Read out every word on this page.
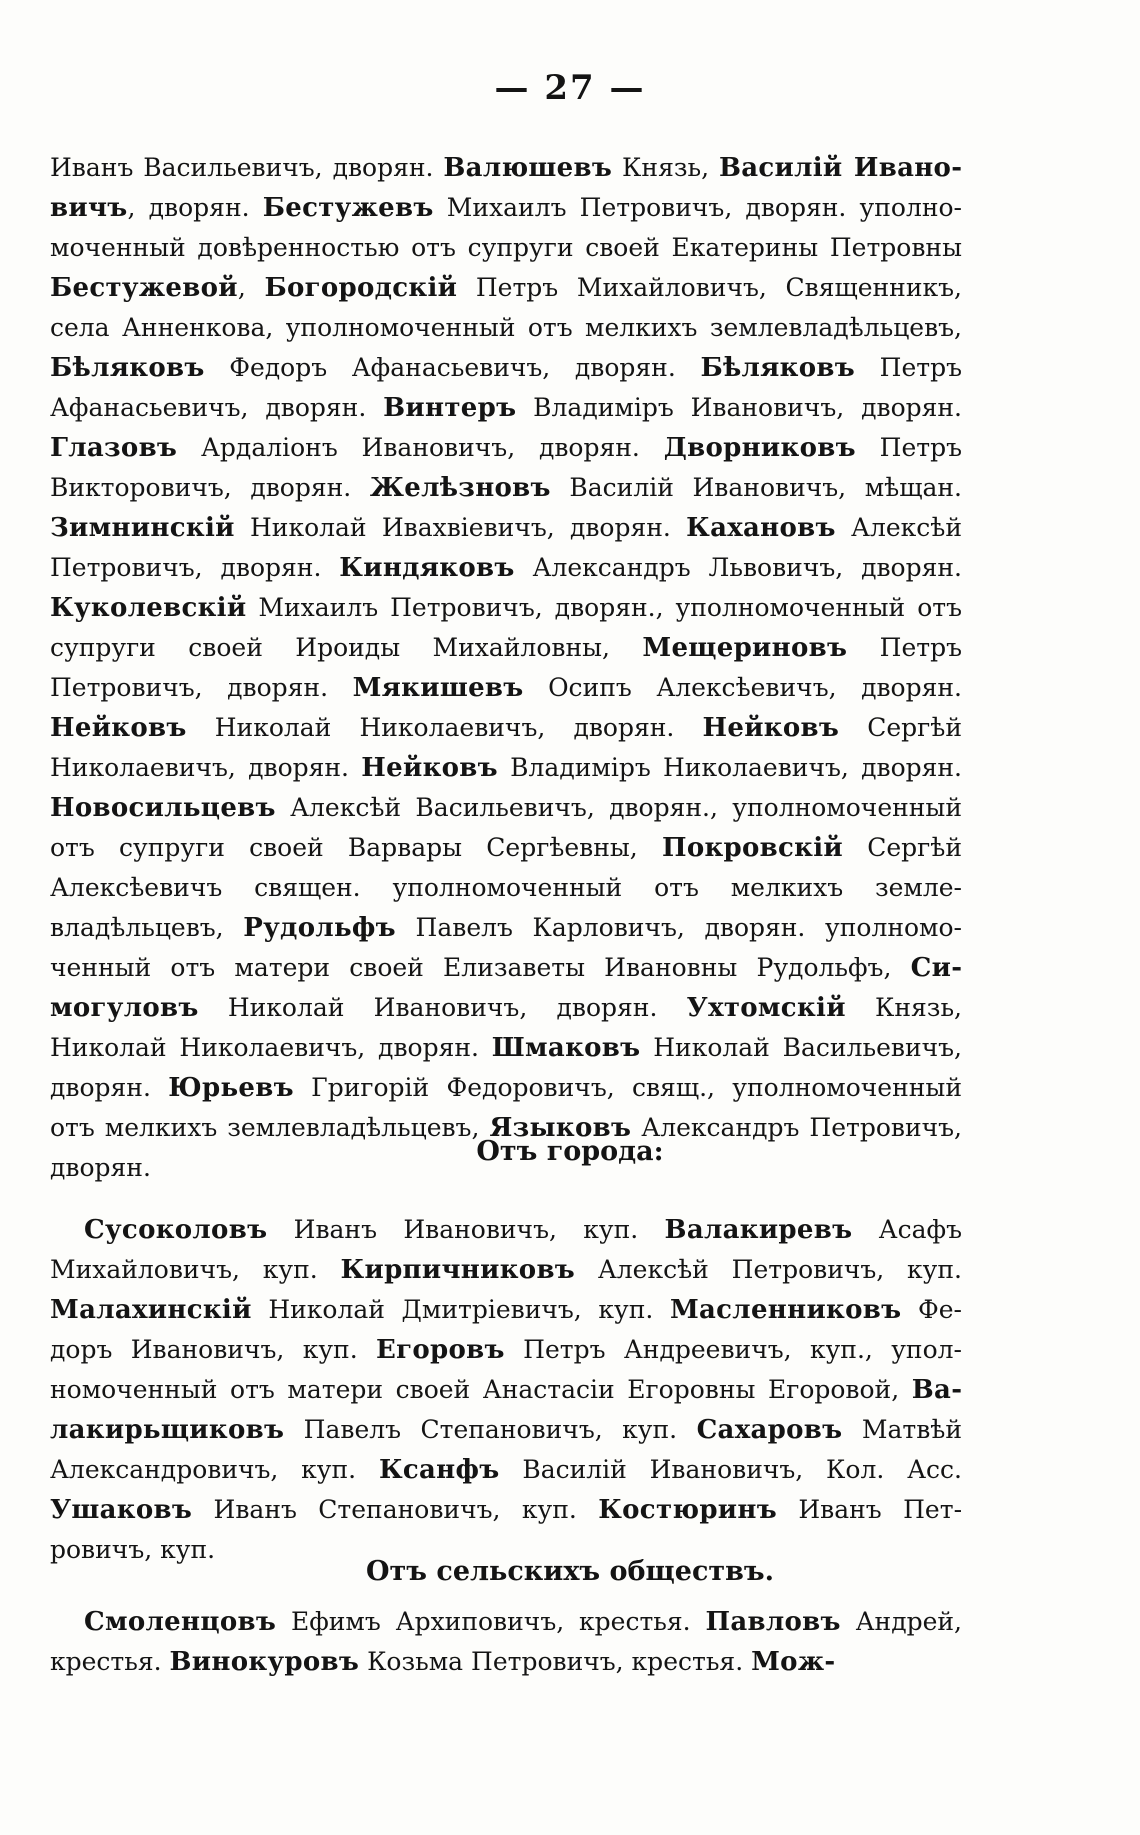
— 27 —

Иванъ Васильевичъ, дворян. Валюшевъ Князь, Василій Ивановичъ, дворян. Бестужевъ Михаилъ Петровичъ, дворян. уполномоченный довѣренностью отъ супруги своей Екатерины Петровны Бестужевой, Богородскій Петръ Михайловичъ, Священникъ, села Анненкова, уполномоченный отъ мелкихъ землевладѣльцевъ, Бѣляковъ Федоръ Афанасьевичъ, дворян. Бѣляковъ Петръ Афанасьевичъ, дворян. Винтеръ Владиміръ Ивановичъ, дворян. Глазовъ Ардаліонъ Ивановичъ, дворян. Дворниковъ Петръ Викторовичъ, дворян. Желѣзновъ Василій Ивановичъ, мѣщан. Зимнинскій Николай Ивахвіевичъ, дворян. Кахановъ Алексѣй Петровичъ, дворян. Киндяковъ Александръ Львовичъ, дворян. Куколевскій Михаилъ Петровичъ, дворян., уполномоченный отъ супруги своей Ироиды Михайловны, Мещериновъ Петръ Петровичъ, дворян. Мякишевъ Осипъ Алексѣевичъ, дворян. Нейковъ Николай Николаевичъ, дворян. Нейковъ Сергѣй Николаевичъ, дворян. Нейковъ Владиміръ Николаевичъ, дворян. Новосильцевъ Алексѣй Васильевичъ, дворян., уполномоченный отъ супруги своей Варвары Сергѣевны, Покровскій Сергѣй Алексѣевичъ священ. уполномоченный отъ мелкихъ землевладѣльцевъ, Рудольфъ Павелъ Карловичъ, дворян. уполномоченный отъ матери своей Елизаветы Ивановны Рудольфъ, Симогуловъ Николай Ивановичъ, дворян. Ухтомскій Князь, Николай Николаевичъ, дворян. Шмаковъ Николай Васильевичъ, дворян. Юрьевъ Григорій Федоровичъ, свящ., уполномоченный отъ мелкихъ землевладѣльцевъ, Языковъ Александръ Петровичъ, дворян.

Отъ города:

Сусоколовъ Иванъ Ивановичъ, куп. Валакиревъ Асафъ Михайловичъ, куп. Кирпичниковъ Алексѣй Петровичъ, куп. Малахинскій Николай Дмитріевичъ, куп. Масленниковъ Федоръ Ивановичъ, куп. Егоровъ Петръ Андреевичъ, куп., уполномоченный отъ матери своей Анастасіи Егоровны Егоровой, Валакирьщиковъ Павелъ Степановичъ, куп. Сахаровъ Матвѣй Александровичъ, куп. Ксанфъ Василій Ивановичъ, Кол. Асс. Ушаковъ Иванъ Степановичъ, куп. Костюринъ Иванъ Петровичъ, куп.

Отъ сельскихъ обществъ.

Смоленцовъ Ефимъ Архиповичъ, крестья. Павловъ Андрей, крестья. Винокуровъ Козьма Петровичъ, крестья. Мож-
